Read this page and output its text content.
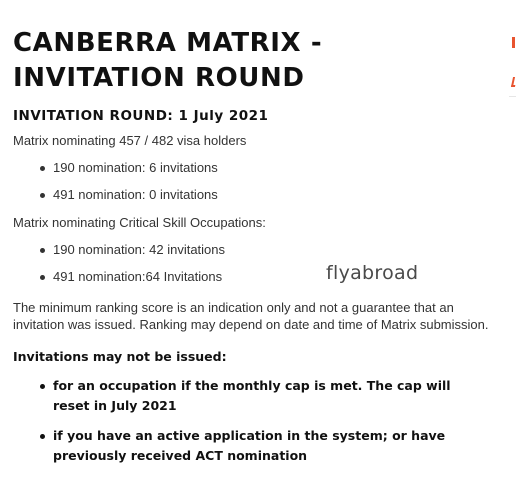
CANBERRA MATRIX - INVITATION ROUND
INVITATION ROUND: 1 July 2021

Matrix nominating 457 / 482 visa holders

190 nomination: 6 invitations
491 nomination: 0 invitations

Matrix nominating Critical Skill Occupations:

190 nomination: 42 invitations
491 nomination:64 Invitations

The minimum ranking score is an indication only and not a guarantee that an invitation was issued. Ranking may depend on date and time of Matrix submission.

Invitations may not be issued:

for an occupation if the monthly cap is met. The cap will reset in July 2021
if you have an active application in the system; or have previously received ACT nomination
flyabroad
